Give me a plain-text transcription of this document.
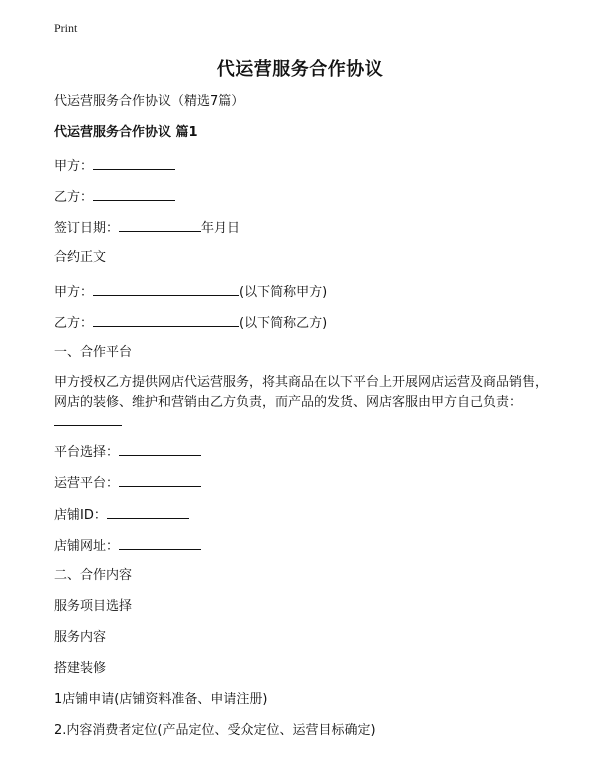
Print
代运营服务合作协议
代运营服务合作协议（精选7篇）
代运营服务合作协议 篇1
甲方：
乙方：
签订日期：	年月日
合约正文
甲方：	(以下简称甲方)
乙方：	(以下简称乙方)
一、合作平台
甲方授权乙方提供网店代运营服务，将其商品在以下平台上开展网店运营及商品销售，网店的装修、维护和营销由乙方负责，而产品的发货、网店客服由甲方自己负责：
平台选择：
运营平台：
店铺ID：
店铺网址：
二、合作内容
服务项目选择
服务内容
搭建装修
1店铺申请(店铺资料准备、申请注册)
2.内容消费者定位(产品定位、受众定位、运营目标确定)
